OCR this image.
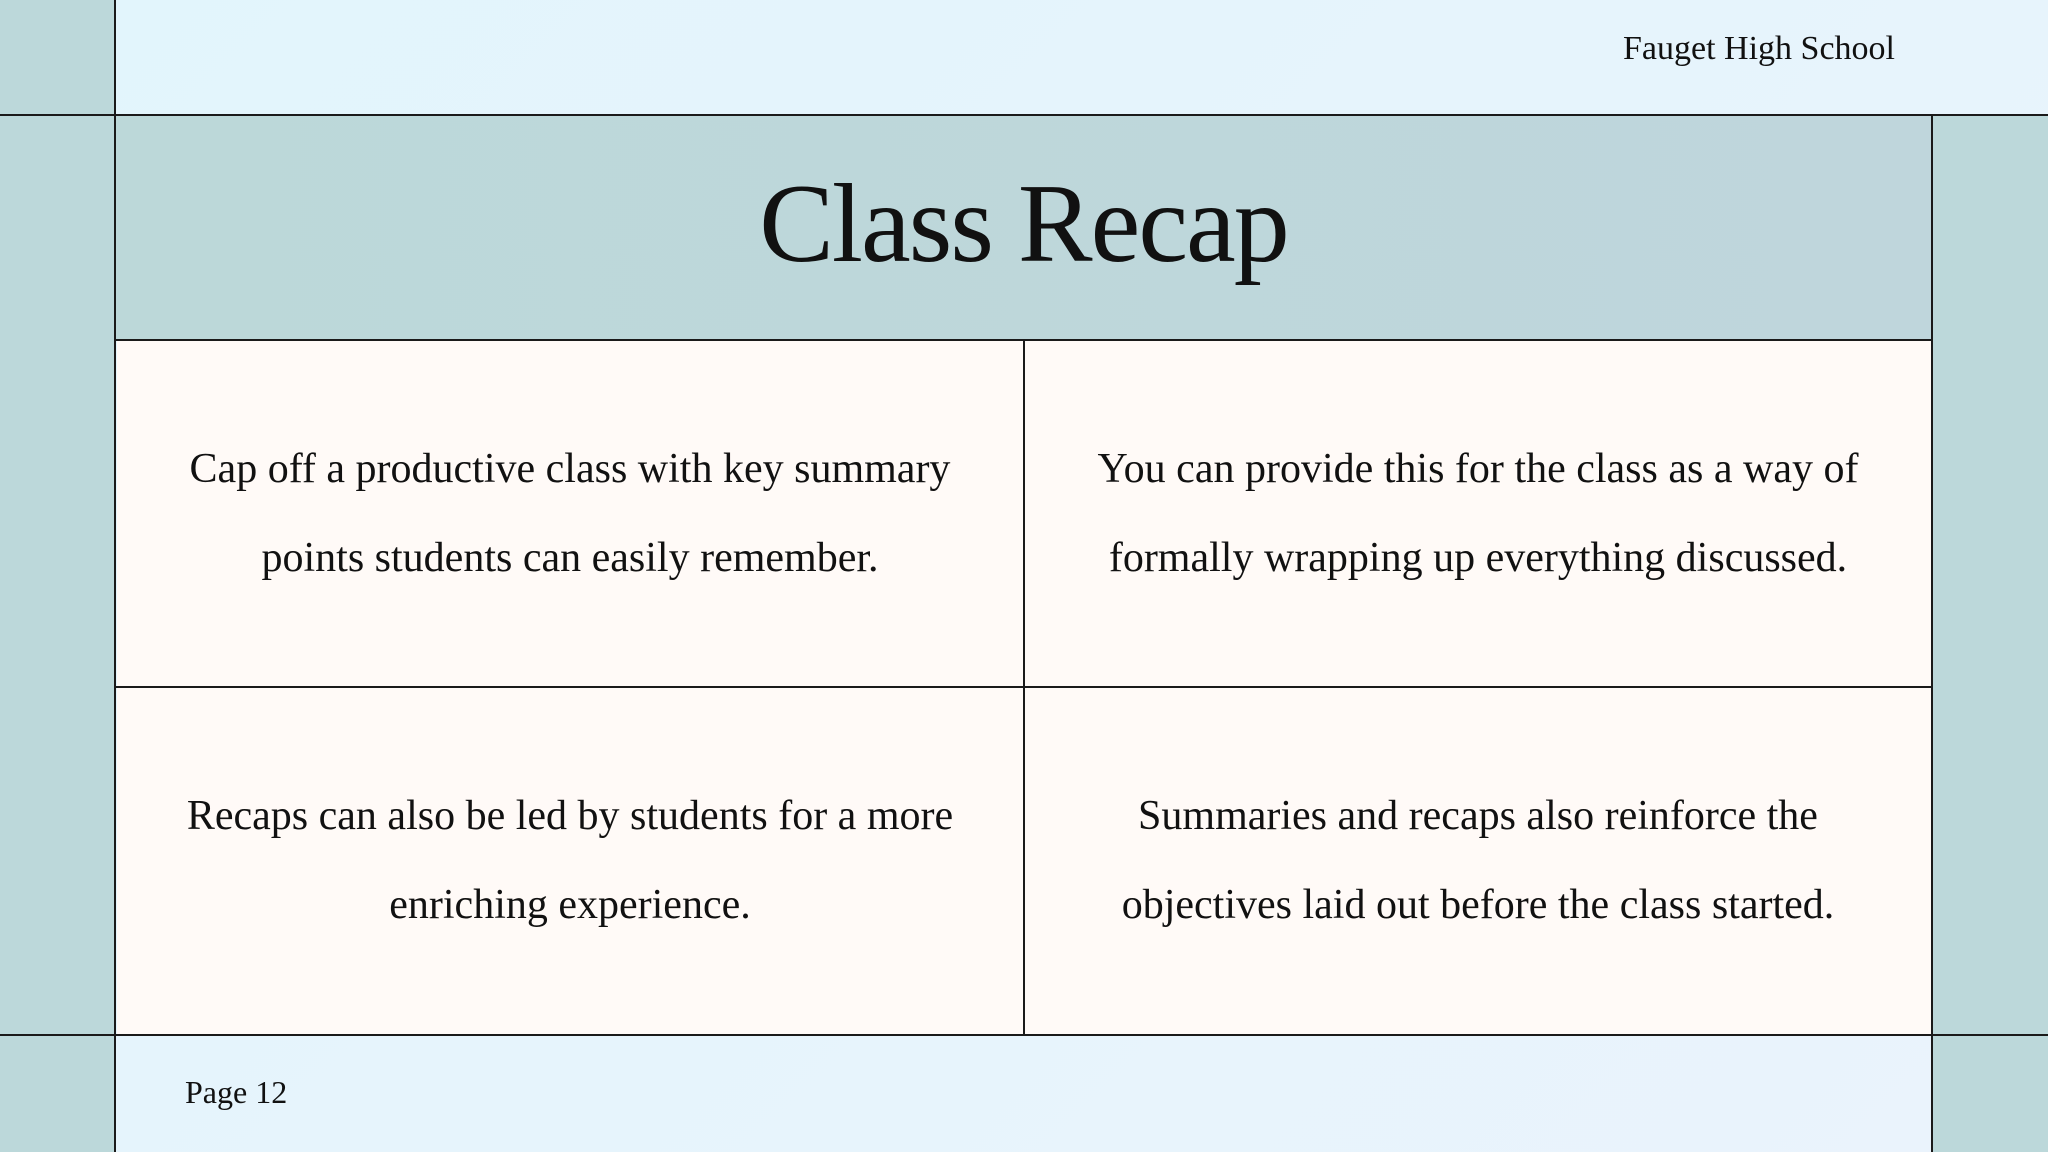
Fauget High School
Class Recap

Cap off a productive class with key summary points students can easily remember.

You can provide this for the class as a way of formally wrapping up everything discussed.

Recaps can also be led by students for a more enriching experience.

Summaries and recaps also reinforce the objectives laid out before the class started.

Page 12
